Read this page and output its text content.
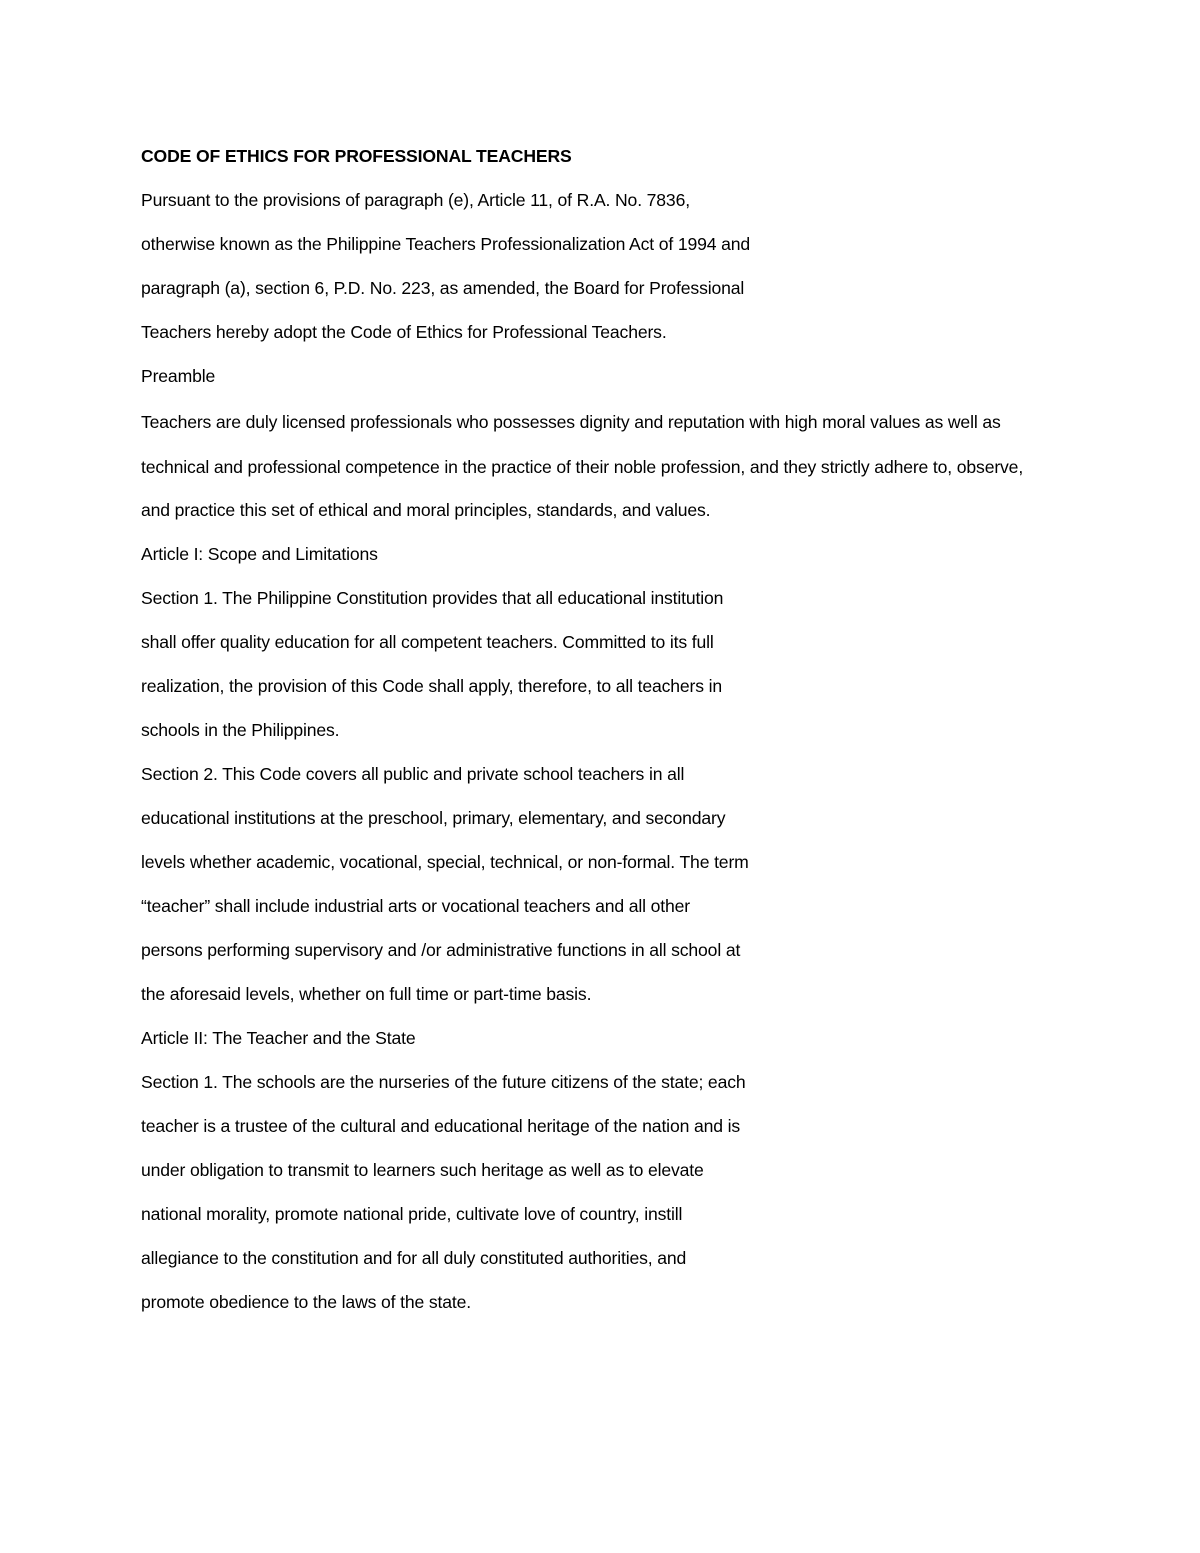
CODE OF ETHICS FOR PROFESSIONAL TEACHERS
Pursuant to the provisions of paragraph (e), Article 11, of R.A. No. 7836,
otherwise known as the Philippine Teachers Professionalization Act of 1994 and
paragraph (a), section 6, P.D. No. 223, as amended, the Board for Professional
Teachers hereby adopt the Code of Ethics for Professional Teachers.
Preamble
Teachers are duly licensed professionals who possesses dignity and reputation with high moral values as well as
technical and professional competence in the practice of their noble profession, and they strictly adhere to, observe,
and practice this set of ethical and moral principles, standards, and values.
Article I: Scope and Limitations
Section 1. The Philippine Constitution provides that all educational institution
shall offer quality education for all competent teachers. Committed to its full
realization, the provision of this Code shall apply, therefore, to all teachers in
schools in the Philippines.
Section 2. This Code covers all public and private school teachers in all
educational institutions at the preschool, primary, elementary, and secondary
levels whether academic, vocational, special, technical, or non-formal. The term
“teacher” shall include industrial arts or vocational teachers and all other
persons performing supervisory and /or administrative functions in all school at
the aforesaid levels, whether on full time or part-time basis.
Article II: The Teacher and the State
Section 1. The schools are the nurseries of the future citizens of the state; each
teacher is a trustee of the cultural and educational heritage of the nation and is
under obligation to transmit to learners such heritage as well as to elevate
national morality, promote national pride, cultivate love of country, instill
allegiance to the constitution and for all duly constituted authorities, and
promote obedience to the laws of the state.
